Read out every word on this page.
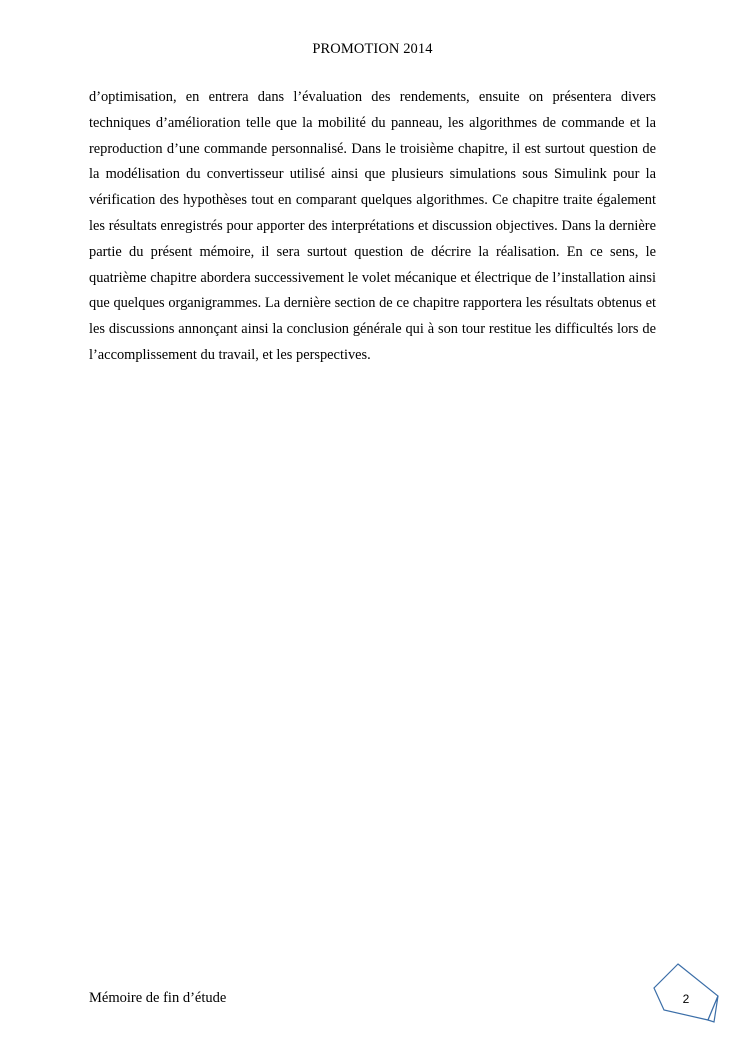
PROMOTION 2014

d’optimisation, en entrera dans l’évaluation des rendements, ensuite on présentera divers techniques d’amélioration telle que la mobilité du panneau, les algorithmes de commande et la reproduction d’une commande personnalisé. Dans le troisième chapitre, il est surtout question de la modélisation du convertisseur utilisé ainsi que plusieurs simulations sous Simulink pour la vérification des hypothèses tout en comparant quelques algorithmes. Ce chapitre traite également les résultats enregistrés pour apporter des interprétations et discussion objectives. Dans la dernière partie du présent mémoire, il sera surtout question de décrire la réalisation. En ce sens, le quatrième chapitre abordera successivement le volet mécanique et électrique de l’installation ainsi que quelques organigrammes. La dernière section de ce chapitre rapportera les résultats obtenus et les discussions annonçant ainsi la conclusion générale qui à son tour restitue les difficultés lors de l’accomplissement du travail, et les perspectives.

Mémoire de fin d’étude	2
